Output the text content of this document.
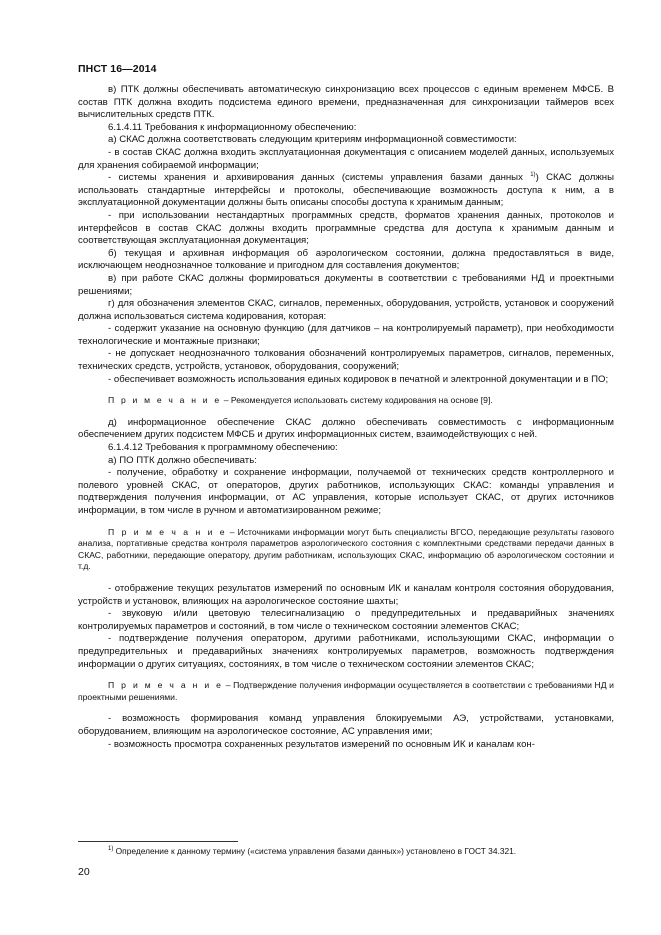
ПНСТ 16—2014

в) ПТК должны обеспечивать автоматическую синхронизацию всех процессов с единым временем МФСБ. В состав ПТК должна входить подсистема единого времени, предназначенная для синхронизации таймеров всех вычислительных средств ПТК.

6.1.4.11 Требования к информационному обеспечению:

а) СКАС должна соответствовать следующим критериям информационной совместимости:

- в состав СКАС должна входить эксплуатационная документация с описанием моделей данных, используемых для хранения собираемой информации;

- системы хранения и архивирования данных (системы управления базами данных $^{1)}$) СКАС должны использовать стандартные интерфейсы и протоколы, обеспечивающие возможность доступа к ним, а в эксплуатационной документации должны быть описаны способы доступа к хранимым данным;

- при использовании нестандартных программных средств, форматов хранения данных, протоколов и интерфейсов в состав СКАС должны входить программные средства для доступа к хранимым данным и соответствующая эксплуатационная документация;

б) текущая и архивная информация об аэрологическом состоянии, должна предоставляться в виде, исключающем неоднозначное толкование и пригодном для составления документов;

в) при работе СКАС должны формироваться документы в соответствии с требованиями НД и проектными решениями;

г) для обозначения элементов СКАС, сигналов, переменных, оборудования, устройств, установок и сооружений должна использоваться система кодирования, которая:

- содержит указание на основную функцию (для датчиков – на контролируемый параметр), при необходимости технологические и монтажные признаки;

- не допускает неоднозначного толкования обозначений контролируемых параметров, сигналов, переменных, технических средств, устройств, установок, оборудования, сооружений;

- обеспечивает возможность использования единых кодировок в печатной и электронной документации и в ПО;

П р и м е ч а н и е – Рекомендуется использовать систему кодирования на основе [9].

д) информационное обеспечение СКАС должно обеспечивать совместимость с информационным обеспечением других подсистем МФСБ и других информационных систем, взаимодействующих с ней.

6.1.4.12 Требования к программному обеспечению:

а) ПО ПТК должно обеспечивать:

- получение, обработку и сохранение информации, получаемой от технических средств контроллерного и полевого уровней СКАС, от операторов, других работников, использующих СКАС: команды управления и подтверждения получения информации, от АС управления, которые использует СКАС, от других источников информации, в том числе в ручном и автоматизированном режиме;

П р и м е ч а н и е – Источниками информации могут быть специалисты ВГСО, передающие результаты газового анализа, портативные средства контроля параметров аэрологического состояния с комплектными средствами передачи данных в СКАС, работники, передающие оператору, другим работникам, использующих СКАС, информацию об аэрологическом состоянии и т.д.

- отображение текущих результатов измерений по основным ИК и каналам контроля состояния оборудования, устройств и установок, влияющих на аэрологическое состояние шахты;

- звуковую и/или цветовую телесигнализацию о предупредительных и предаварийных значениях контролируемых параметров и состояний, в том числе о техническом состоянии элементов СКАС;

- подтверждение получения оператором, другими работниками, использующими СКАС, информации о предупредительных и предаварийных значениях контролируемых параметров, возможность подтверждения информации о других ситуациях, состояниях, в том числе о техническом состоянии элементов СКАС;

П р и м е ч а н и е – Подтверждение получения информации осуществляется в соответствии с требованиями НД и проектными решениями.

- возможность формирования команд управления блокируемыми АЭ, устройствами, установками, оборудованием, влияющим на аэрологическое состояние, АС управления ими;

- возможность просмотра сохраненных результатов измерений по основным ИК и каналам кон-

$^{1)}$ Определение к данному термину («система управления базами данных») установлено в ГОСТ 34.321.
20
